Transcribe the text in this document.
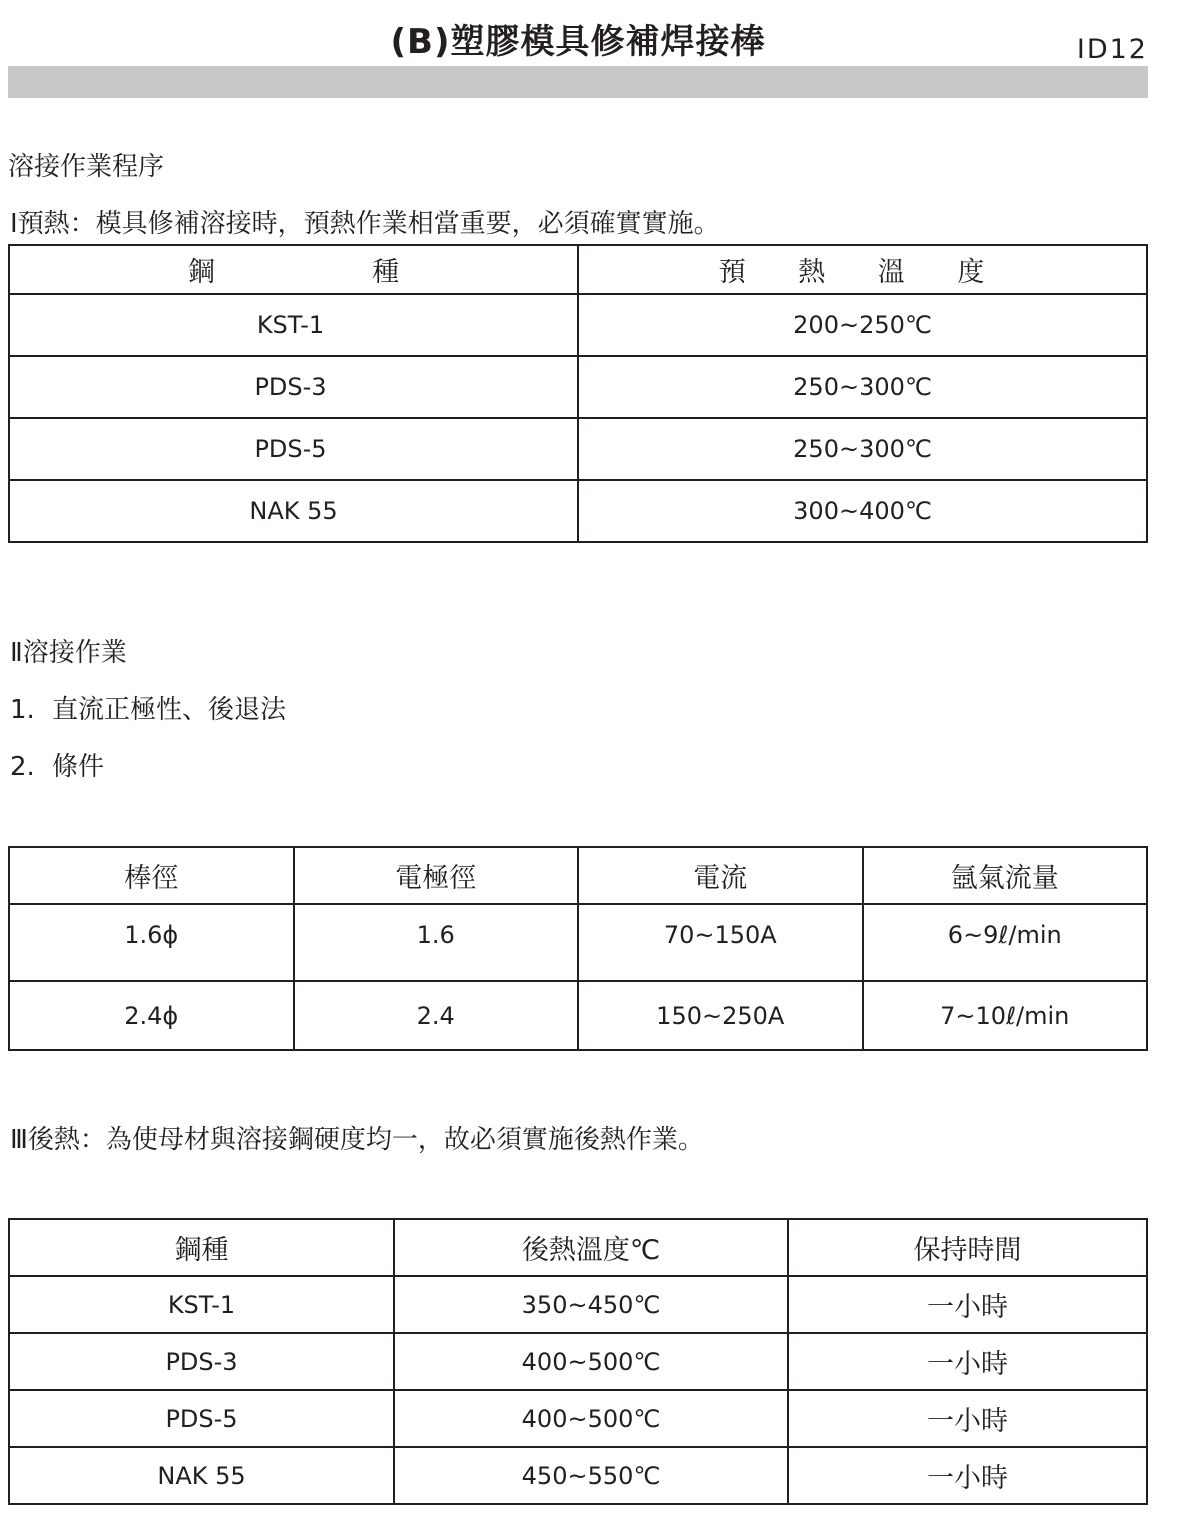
(B)塑膠模具修補焊接棒	ID12
溶接作業程序
Ⅰ預熱：模具修補溶接時，預熱作業相當重要，必須確實實施。
鋼 種	預 熱 溫 度
KST-1	200~250℃
PDS-3	250~300℃
PDS-5	250~300℃
NAK 55	300~400℃
Ⅱ溶接作業
1. 直流正極性、後退法
2. 條件
棒徑	電極徑	電流	氬氣流量
1.6ϕ	1.6	70~150A	6~9ℓ/min
2.4ϕ	2.4	150~250A	7~10ℓ/min
Ⅲ後熱：為使母材與溶接鋼硬度均一，故必須實施後熱作業。
鋼種	後熱溫度℃	保持時間
KST-1	350~450℃	一小時
PDS-3	400~500℃	一小時
PDS-5	400~500℃	一小時
NAK 55	450~550℃	一小時
